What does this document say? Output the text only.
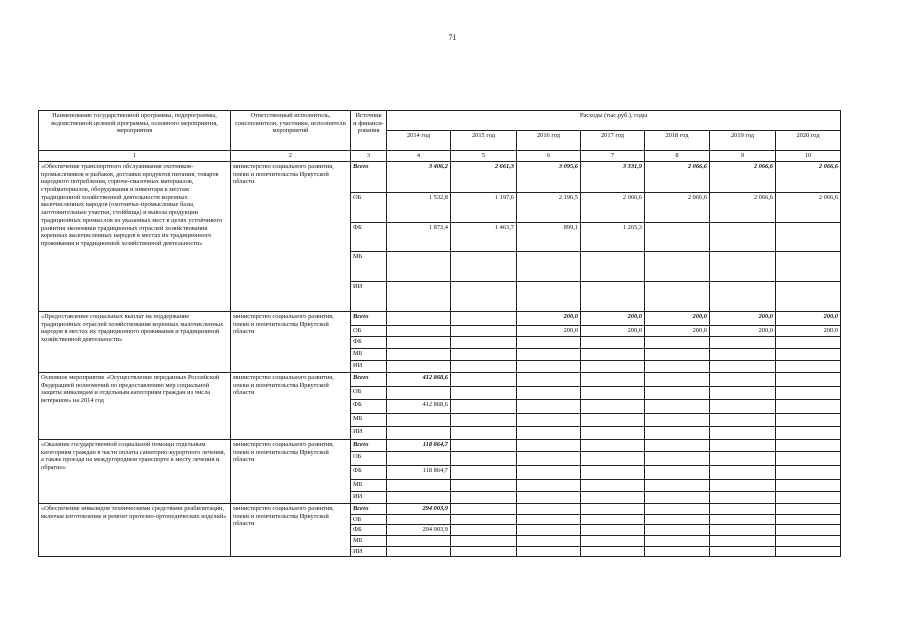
71
Наименование государственной программы, подпрограммы, ведомственной целевой программы, основного мероприятия, мероприятия	Ответственный исполнитель, соисполнители, участники, исполнители мероприятий	Источник и финанси-рования	Расходы (тыс.руб.), годы						
			2014 год	2015 год	2016 год	2017 год	2018 год	2019 год	2020 год
1	2	3	4	5	6	7	8	9	10
«Обеспечение транспортного обслуживания охотников-промысловиков и рыбаков, доставки продуктов питания, товаров народного потребления, горюче-смазочных материалов, стройматериалов, оборудования и инвентаря к местам традиционной хозяйственной деятельности коренных малочисленных народов (охотничье-промысловые базы, заготовительные участки, стойбища) и вывоза продукции традиционных промыслов из указанных мест в целях устойчивого развития экономики традиционных отраслей хозяйствования коренных малочисленных народов в местах их традиционного проживания и традиционной хозяйственной деятельности»	министерство социального развития, опеки и попечительства Иркутской области	Всего	3 406,2	2 661,3	3 095,6	3 331,9	2 066,6	2 066,6	2 066,6
		ОБ	1 532,8	1 197,6	2 196,5	2 066,6	2 066,6	2 066,6	2 066,6
		ФБ	1 873,4	1 463,7	899,1	1 265,3			
		МБ							
		ИИ							
«Предоставление социальных выплат на поддержание традиционных отраслей хозяйствования коренных малочисленных народов в местах их традиционного проживания и традиционной хозяйственной деятельности»	министерство социального развития, опеки и попечительства Иркутской области	Всего			200,0	200,0	200,0	200,0	200,0
		ОБ			200,0	200,0	200,0	200,0	200,0
		ФБ							
		МБ							
		ИИ							
Основное мероприятие «Осуществление переданных Российской Федерацией полномочий по предоставлению мер социальной защиты инвалидам и отдельным категориям граждан из числа ветеранов» на 2014 год	министерство социального развития, опеки и попечительства Иркутской области	Всего	412 868,6						
		ОБ							
		ФБ	412 868,6						
		МБ							
		ИИ							
«Оказание государственной социальной помощи отдельным категориям граждан в части оплаты санаторно-курортного лечения, а также проезда на междугороднем транспорте к месту лечения и обратно»	министерство социального развития, опеки и попечительства Иркутской области	Всего	118 864,7						
		ОБ							
		ФБ	118 864,7						
		МБ							
		ИИ							
«Обеспечение инвалидов техническими средствами реабилитации, включая изготовление и ремонт протезно-ортопедических изделий»	министерство социального развития, опеки и попечительства Иркутской области	Всего	294 003,9						
		ОБ							
		ФБ	294 003,9						
		МБ							
		ИИ							
